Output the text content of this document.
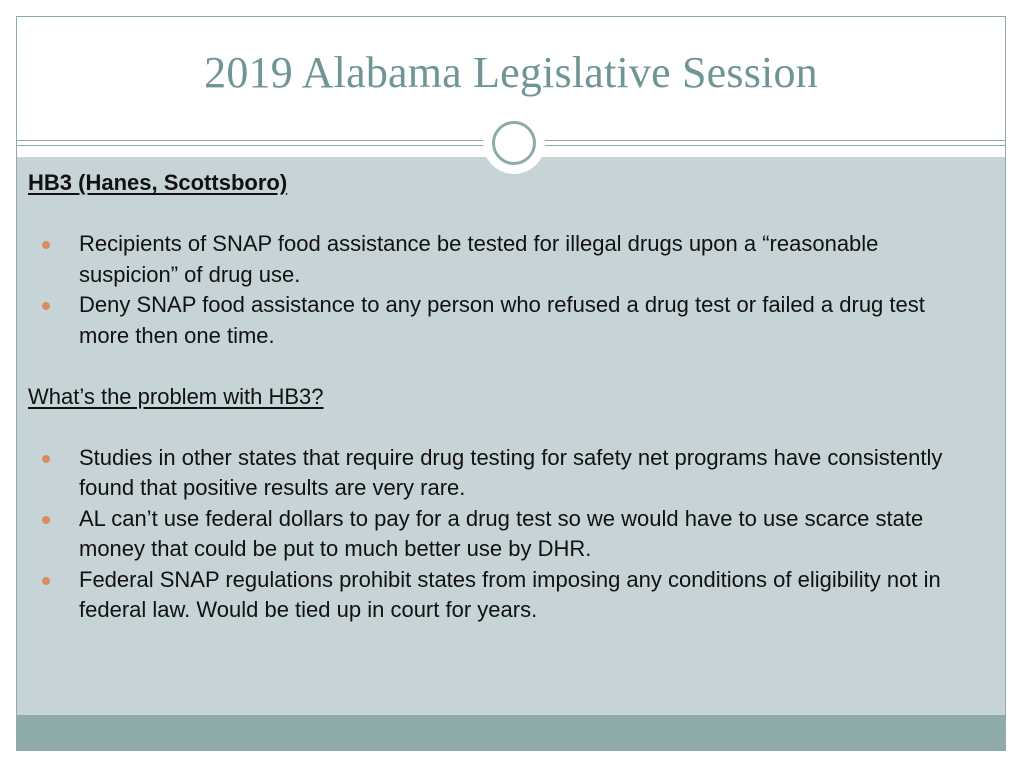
2019 Alabama Legislative Session

HB3 (Hanes, Scottsboro)

Recipients of SNAP food assistance be tested for illegal drugs upon a “reasonable suspicion” of drug use.
Deny SNAP food assistance to any person who refused a drug test or failed a drug test more then one time.

What’s the problem with HB3?

Studies in other states that require drug testing for safety net programs have consistently found that positive results are very rare.
AL can’t use federal dollars to pay for a drug test so we would have to use scarce state money that could be put to much better use by DHR.
Federal SNAP regulations prohibit states from imposing any conditions of eligibility not in federal law. Would be tied up in court for years.
